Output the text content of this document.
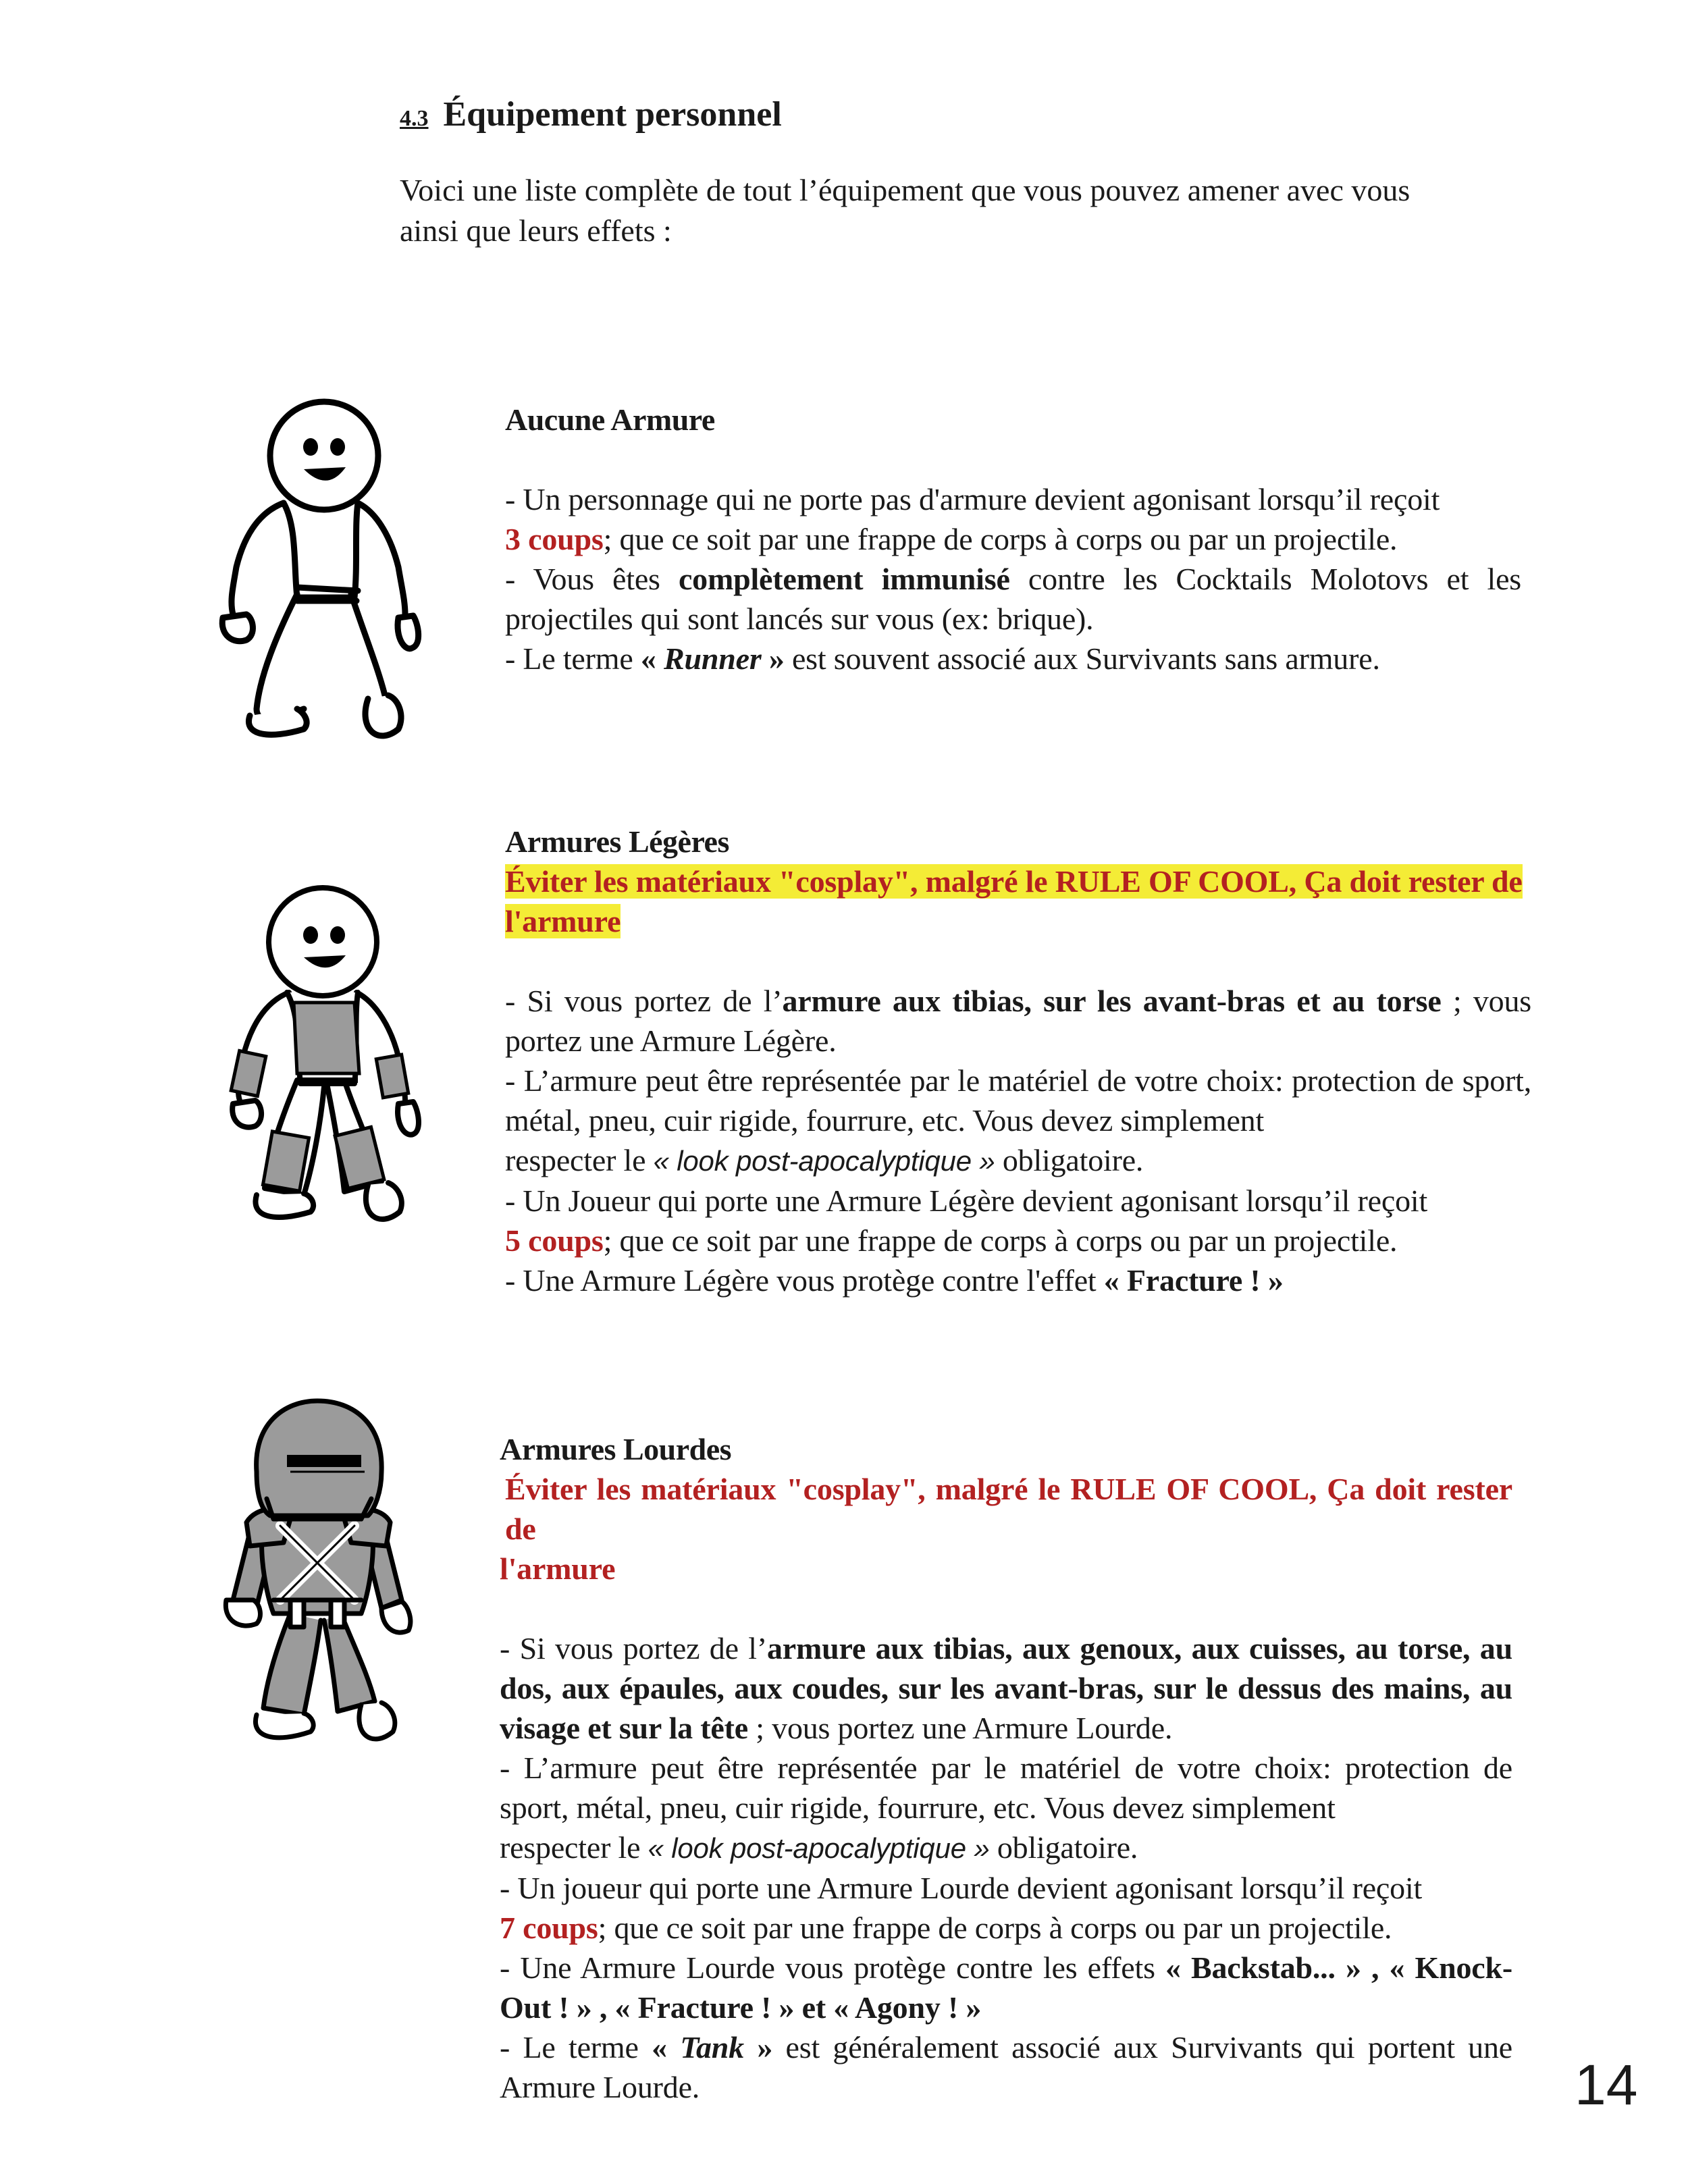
4.3 Équipement personnel

Voici une liste complète de tout l’équipement que vous pouvez amener avec vous

ainsi que leurs effets :

Aucune Armure

- Un personnage qui ne porte pas d'armure devient agonisant lorsqu’il reçoit

3 coups; que ce soit par une frappe de corps à corps ou par un projectile.

- Vous êtes complètement immunisé contre les Cocktails Molotovs et les projectiles qui sont lancés sur vous (ex: brique).

- Le terme « Runner » est souvent associé aux Survivants sans armure.

Armures Légères

Éviter les matériaux "cosplay", malgré le RULE OF COOL, Ça doit rester de

l'armure

- Si vous portez de l’armure aux tibias, sur les avant-bras et au torse ; vous portez une Armure Légère.

- L’armure peut être représentée par le matériel de votre choix: protection de sport, métal, pneu, cuir rigide, fourrure, etc. Vous devez simplement

respecter le « look post-apocalyptique » obligatoire.

- Un Joueur qui porte une Armure Légère devient agonisant lorsqu’il reçoit

5 coups; que ce soit par une frappe de corps à corps ou par un projectile.

- Une Armure Légère vous protège contre l'effet « Fracture ! »

Armures Lourdes

Éviter les matériaux "cosplay", malgré le RULE OF COOL, Ça doit rester de

l'armure

- Si vous portez de l’armure aux tibias, aux genoux, aux cuisses, au torse, au dos, aux épaules, aux coudes, sur les avant-bras, sur le dessus des mains, au visage et sur la tête ; vous portez une Armure Lourde.

- L’armure peut être représentée par le matériel de votre choix: protection de sport, métal, pneu, cuir rigide, fourrure, etc. Vous devez simplement

respecter le « look post-apocalyptique » obligatoire.

- Un joueur qui porte une Armure Lourde devient agonisant lorsqu’il reçoit

7 coups; que ce soit par une frappe de corps à corps ou par un projectile.

- Une Armure Lourde vous protège contre les effets « Backstab... » , « Knock-Out ! » , « Fracture ! » et « Agony ! »

- Le terme « Tank » est généralement associé aux Survivants qui portent une Armure Lourde.	14
